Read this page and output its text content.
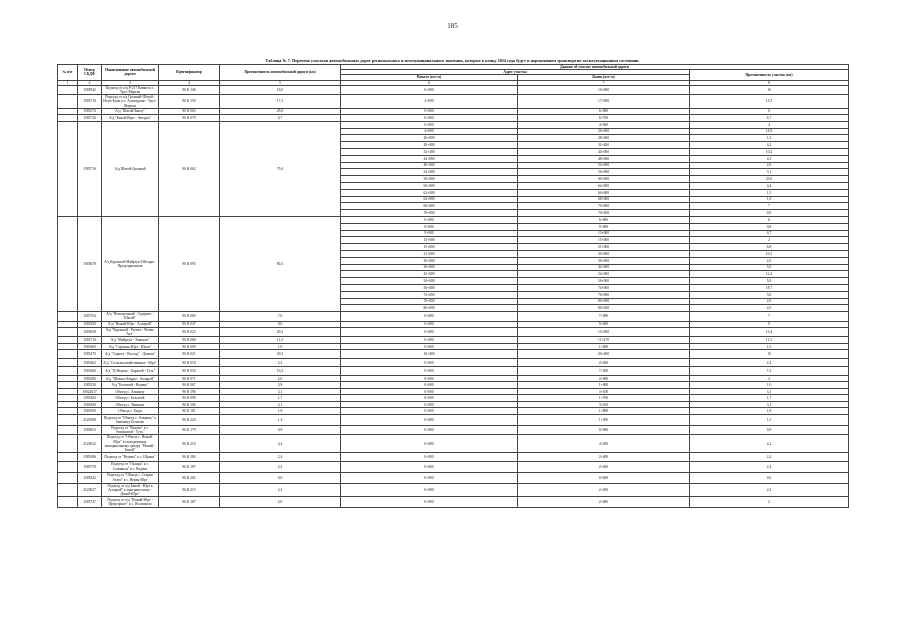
185
Таблица № 7. Перечень участков автомобильных дорог регионального и межмуниципального значения, которые к концу 2024 года будут в нормативном транспортно-эксплуатационном состоянии
№ п/п	Номер СКДФ	Наименование автомобильной дороги	Идентификатор	Протяженность автомобильной дороги (км)	Данные об участке автомобильной дороги		
					Адрес участка		Протяженность участка (км)
					Начало (км+м)	Конец (км+м)	
1	2	3	4	5	6	7	8
	1585942	Подъезд от а/д Р-217 Кавказ к с. Урус-Мартан	96 К 146	16,0	0+000	16+000	16
	1585710	Подъезд от а/д Грозный-Шатой - Итум-Кали к с. Алхазурово - Урус-Мартан	96 К 150	17,3	2+000	17+000	15,3
	1585574	А/д "Шатой-Бавлу"	96 К 063	25,0	0+000	6+000	6
	1585726	А/д "Беной-Верх - Автуры"	96 К 070	6,7	0+000	6+700	6,7
	1585716	А/д Шатой-Грозный	96 К 062	70,4	0+000	4+000	4
					4+000	26+000	14,9
					26+000	28+000	1,5
					28+000	32+400	4,2
					32+400	44+000	10,4
					44+000	48+000	4,5
					48+000	54+000	2,6
					54+000	56+000	3,1
					56+000	60+000	23,6
					60+000	62+000	4,4
					62+000	64+000	1,5
					64+000	68+000	1,9
					68+000	70+000	7
					70+000	70+400	0,9
	1585678	А/д Курчалой-Майртуп-Ойсхара - Предгорненская	96 К 093	80,3	0+000	6+000	6
					6+000	9+000	0,8
					9+000	13+000	4,7
					13+000	15+000	2
					15+000	21+000	6,8
					21+000	30+000	10,3
					30+000	36+000	2,6
					36+000	42+000	5,0
					42+000	54+000	12,4
					54+000	56+000	5,9
					56+000	74+000	18,7
					74+000	76+000	3,0
					76+000	80+000	2,6
					80+000	80+300	4,5
	1585704	А/д "Новогрозный - Гудермес - Шатой"	96 К 069	7,0	0+000	7+000	7
	1585450	А/д "Ножай-Юрт - Алларой"	96 К 047	9,0	0+000	9+000	9
	1585658	А/д "Курчалой - Регита - Чечен-Аул"	96 К 023	20,2	0+000	15+000	15,4
	1585710	А/д "Майртуп - Ханкала"	96 К 068	11,3	0+000	11+470	11,3
	1585460	А/д "Сержень-Юрт - Шали"	96 К 009	1,0	0+000	1+000	1,0
	1585470	А/д "Сарысу - Восход" - Дачная"	96 К 021	20,3	10+400	20+400	10
	1585462	А/д "Сельскохозяйственное - Юрт"	96 К 018	2,4	0+000	2+400	2,4
	1585466	А/д "Ц-Ведено - Харачой - Туть"	96 К 054	10,2	0+000	7+200	7,2
	1585496	А/д "Шовхал-Берды - Алларой"	96 К 071	2,0	0+000	2+000	2
	1585550	А/д "Белгатой - Ведено"	96 К 067	3,9	0+000	1+000	1,0
	10022617	Объезд с. Ахкинчу	96 К 196	3,1	0+000	3+100	3,1
	1585464	Объезд с. Белгатой	96 К 098	1,7	0+000	1+700	1,7
	1585490	Объезд с. Эникали	96 К 106	3,1	0+000	3+100	3,1
	1585500	Объезд с. Хиди	96 К 181	1,8	0+000	1+800	1,8
	2120588	Подъезд от "Объезд с. Ахкинчу" к бывшему Бельтою	96 К 220	1,3	0+000	1+300	1,3
	1585652	Подъезд от "Ведено" к с. Эшилхатой - Туть"	96 К 179	0,9	0+000	0+900	0,9
	2120022	Подъезд от "Объезд с. Ножай-Юрт" к молодежному мемориальному центру "Ножай - Беной"	96 К 210	4,2	0+000	4+200	4,2
	1585496	Подъезд от "Ведено" к с. Шуани"	96 К 184	2,4	0+000	2+400	2,4
	1585778	Подъезд от "Оьлара" к с. Салмакхи" в с. Ведено	96 К 187	2,4	0+000	2+400	2,4
	1585542	Подъезд от "Объезд с. Старые Атаги" к с. Верхн-Юрт	96 К 202	0,6	0+000	0+600	0,6
	2120027	Подъезд от а/д Беной - Юрт к Алларой" к эмигрантскому - Доной-Юрт"	96 К 215	2,2	0+000	2+200	2,2
	1585747	Подъезд от а/д "Ножай-Юрт - Предгорное" к с. Исламкала	96 К 187	2,0	0+000	2+000	2
